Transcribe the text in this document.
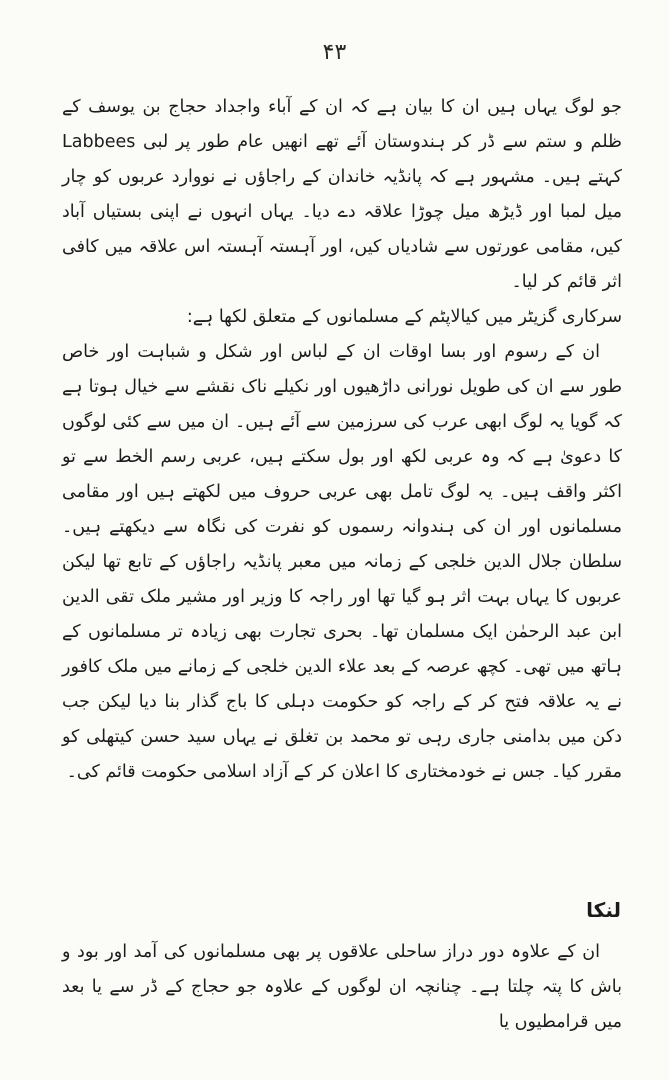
۴۳

جو لوگ یہاں ہیں ان کا بیان ہے کہ ان کے آباء واجداد حجاج بن یوسف کے ظلم و ستم سے ڈر کر ہندوستان آئے تھے انھیں عام طور پر لبی Labbees کہتے ہیں۔ مشہور ہے کہ پانڈیہ خاندان کے راجاؤں نے نووارد عربوں کو چار میل لمبا اور ڈیڑھ میل چوڑا علاقہ دے دیا۔ یہاں انہوں نے اپنی بستیاں آباد کیں، مقامی عورتوں سے شادیاں کیں، اور آہستہ آہستہ اس علاقہ میں کافی اثر قائم کر لیا۔

سرکاری گزیٹر میں کیالاپٹم کے مسلمانوں کے متعلق لکھا ہے:

ان کے رسوم اور بسا اوقات ان کے لباس اور شکل و شباہت اور خاص طور سے ان کی طویل نورانی داڑھیوں اور نکیلے ناک نقشے سے خیال ہوتا ہے کہ گویا یہ لوگ ابھی عرب کی سرزمین سے آئے ہیں۔ ان میں سے کئی لوگوں کا دعویٰ ہے کہ وہ عربی لکھ اور بول سکتے ہیں، عربی رسم الخط سے تو اکثر واقف ہیں۔ یہ لوگ تامل بھی عربی حروف میں لکھتے ہیں اور مقامی مسلمانوں اور ان کی ہندوانہ رسموں کو نفرت کی نگاہ سے دیکھتے ہیں۔ سلطان جلال الدین خلجی کے زمانہ میں معبر پانڈیہ راجاؤں کے تابع تھا لیکن عربوں کا یہاں بہت اثر ہو گیا تھا اور راجہ کا وزیر اور مشیر ملک تقی الدین ابن عبد الرحمٰن ایک مسلمان تھا۔ بحری تجارت بھی زیادہ تر مسلمانوں کے ہاتھ میں تھی۔ کچھ عرصہ کے بعد علاء الدین خلجی کے زمانے میں ملک کافور نے یہ علاقہ فتح کر کے راجہ کو حکومت دہلی کا باج گذار بنا دیا لیکن جب دکن میں بدامنی جاری رہی تو محمد بن تغلق نے یہاں سید حسن کیتھلی کو مقرر کیا۔ جس نے خودمختاری کا اعلان کر کے آزاد اسلامی حکومت قائم کی۔

لنکا

ان کے علاوہ دور دراز ساحلی علاقوں پر بھی مسلمانوں کی آمد اور بود و باش کا پتہ چلتا ہے۔ چنانچہ ان لوگوں کے علاوہ جو حجاج کے ڈر سے یا بعد میں قرامطیوں یا
